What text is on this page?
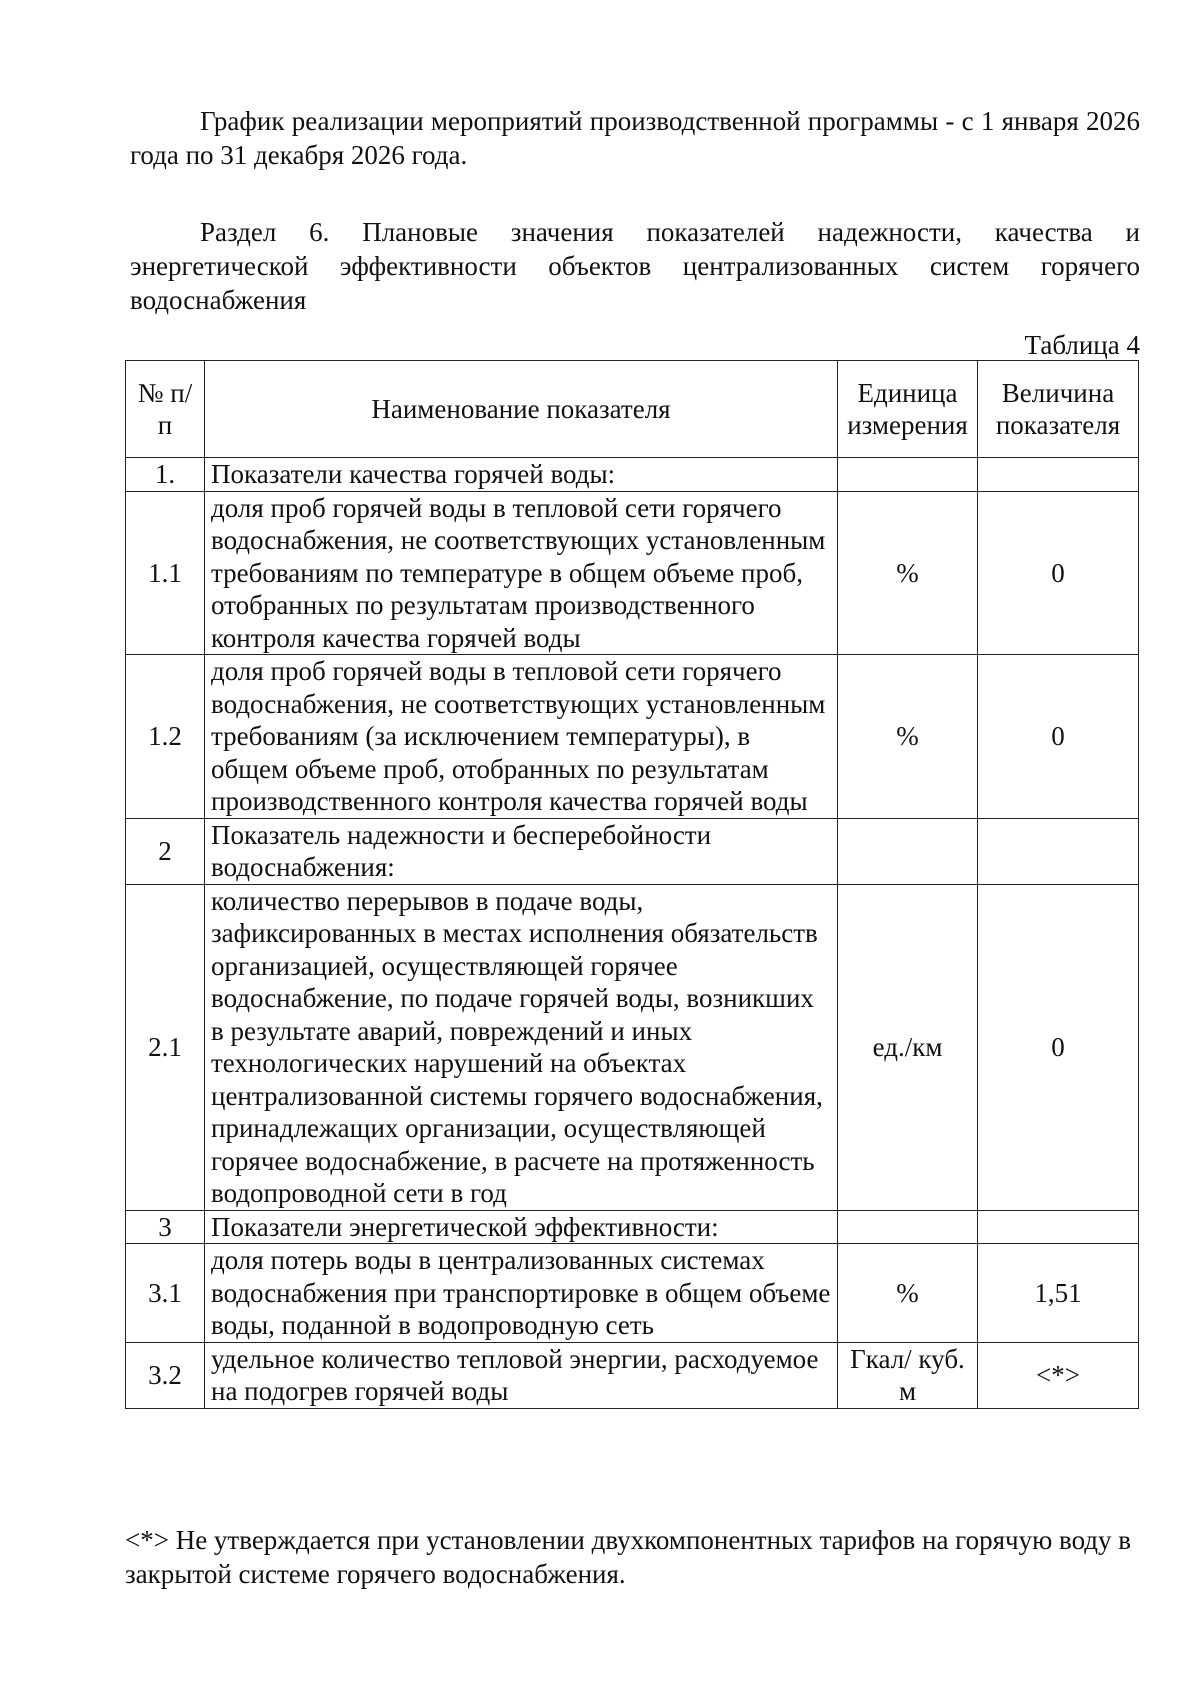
График реализации мероприятий производственной программы - с 1 января 2026 года по 31 декабря 2026 года.

Раздел 6. Плановые значения показателей надежности, качества и энергетической эффективности объектов централизованных систем горячего водоснабжения

Таблица 4
№ п/п	Наименование показателя	Единица измерения	Величина показателя
1.	Показатели качества горячей воды:		
1.1	доля проб горячей воды в тепловой сети горячего водоснабжения, не соответствующих установленным требованиям по температуре в общем объеме проб, отобранных по результатам производственного контроля качества горячей воды	%	0
1.2	доля проб горячей воды в тепловой сети горячего водоснабжения, не соответствующих установленным требованиям (за исключением температуры), в общем объеме проб, отобранных по результатам производственного контроля качества горячей воды	%	0
2	Показатель надежности и бесперебойности водоснабжения:		
2.1	количество перерывов в подаче воды, зафиксированных в местах исполнения обязательств организацией, осуществляющей горячее водоснабжение, по подаче горячей воды, возникших в результате аварий, повреждений и иных технологических нарушений на объектах централизованной системы горячего водоснабжения, принадлежащих организации, осуществляющей горячее водоснабжение, в расчете на протяженность водопроводной сети в год	ед./км	0
3	Показатели энергетической эффективности:		
3.1	доля потерь воды в централизованных системах водоснабжения при транспортировке в общем объеме воды, поданной в водопроводную сеть	%	1,51
3.2	удельное количество тепловой энергии, расходуемое на подогрев горячей воды	Гкал/ куб. м	<*>

<*> Не утверждается при установлении двухкомпонентных тарифов на горячую воду в закрытой системе горячего водоснабжения.
